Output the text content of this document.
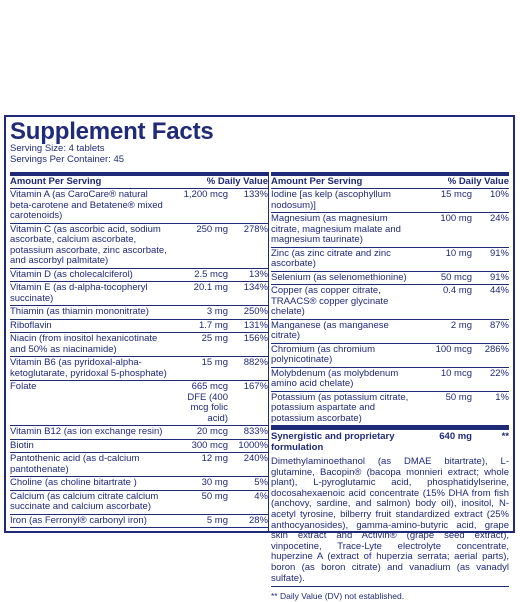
Supplement Facts
Serving Size: 4 tablets
Servings Per Container: 45
Amount Per Serving	% Daily Value
Vitamin A (as CaroCare® natural beta-carotene and Betatene® mixed carotenoids)
1,200 mcg	133%
Vitamin C (as ascorbic acid, sodium ascorbate, calcium ascorbate, potassium ascorbate, zinc ascorbate, and ascorbyl palmitate)
250 mg	278%
Vitamin D (as cholecalciferol)	2.5 mcg	13%
Vitamin E (as d-alpha-tocopheryl succinate)
20.1 mg	134%
Thiamin (as thiamin mononitrate)	3 mg	250%
Riboflavin	1.7 mg	131%
Niacin (from inositol hexanicotinate and 50% as niacinamide)
25 mg	156%
Vitamin B6 (as pyridoxal-alpha-ketoglutarate, pyridoxal 5-phosphate)
15 mg	882%
Folate	665 mcg DFE (400 mcg folic acid)
167%
Vitamin B12 (as ion exchange resin)	20 mcg	833%
Biotin	300 mcg	1000%
Pantothenic acid (as d-calcium pantothenate)
12 mg	240%
Choline (as choline bitartrate )	30 mg	5%
Calcium (as calcium citrate calcium succinate and calcium ascorbate)
50 mg	4%
Iron (as Ferronyl® carbonyl iron)	5 mg	28%
Amount Per Serving	% Daily Value
Iodine [as kelp (ascophyllum nodosum)]
15 mcg	10%
Magnesium (as magnesium citrate, magnesium malate and magnesium taurinate)
100 mg	24%
Zinc (as zinc citrate and zinc ascorbate)
10 mg	91%
Selenium (as selenomethionine)	50 mcg	91%
Copper (as copper citrate, TRAACS® copper glycinate chelate)
0.4 mg	44%
Manganese (as manganese citrate)
2 mg	87%
Chromium (as chromium polynicotinate)
100 mcg	286%
Molybdenum (as molybdenum amino acid chelate)
10 mcg	22%
Potassium (as potassium citrate, potassium aspartate and potassium ascorbate)
50 mg	1%
Synergistic and proprietary formulation
640 mg	**
Dimethylaminoethanol (as DMAE bitartrate), L-glutamine, Bacopin® (bacopa monnieri extract; whole plant), L-pyroglutamic acid, phosphatidylserine, docosahexaenoic acid concentrate (15% DHA from fish (anchovy, sardine, and salmon) body oil), inositol, N-acetyl tyrosine, bilberry fruit standardized extract (25% anthocyanosides), gamma-amino-butyric acid, grape skin extract and Activin® (grape seed extract), vinpocetine, Trace-Lyte electrolyte concentrate, huperzine A (extract of huperzia serrata; aerial parts), boron (as boron citrate) and vanadium (as vanadyl sulfate).
** Daily Value (DV) not established.
